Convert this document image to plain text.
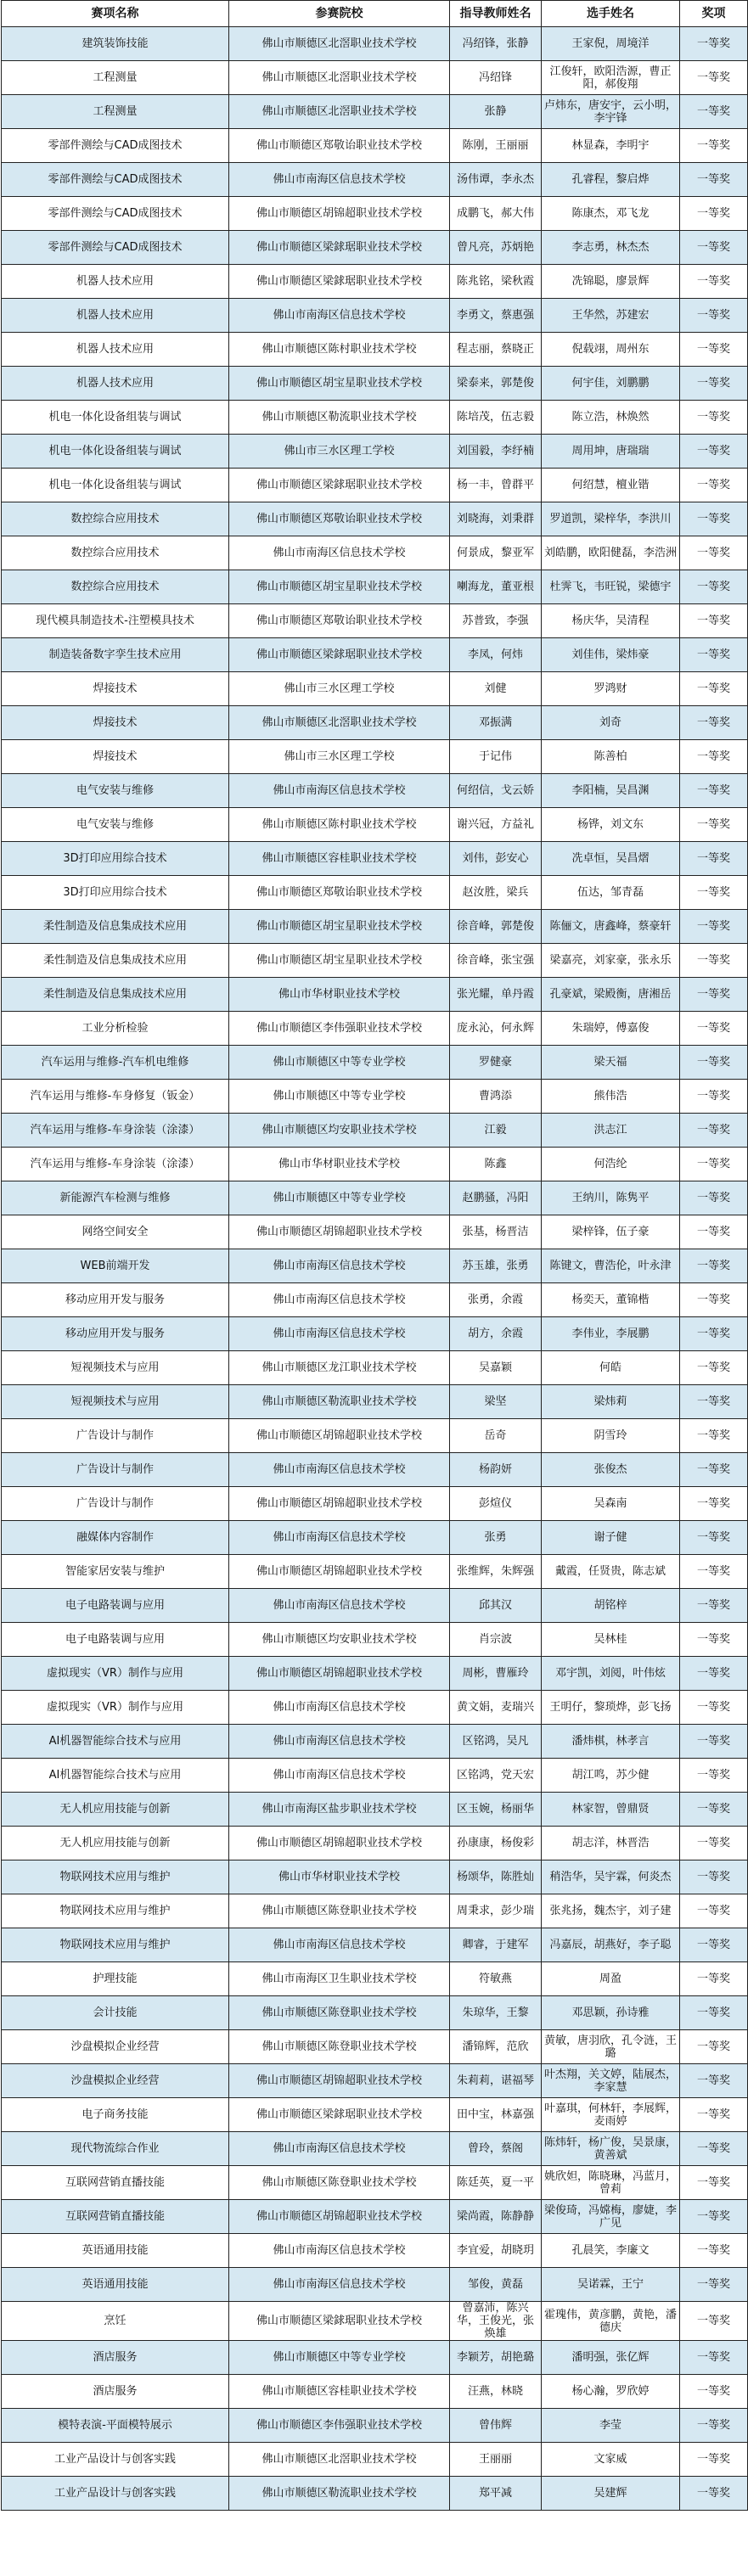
赛项名称	参赛院校	指导教师姓名	选手姓名	奖项
建筑装饰技能	佛山市顺德区北滘职业技术学校	冯绍锋，张静	王家倪，周境洋	一等奖
工程测量	佛山市顺德区北滘职业技术学校	冯绍锋	江俊轩，欧阳浩源，曹正阳，郝俊翔	一等奖
工程测量	佛山市顺德区北滘职业技术学校	张静	卢炜东，唐安宇，云小明，李宇锋	一等奖
零部件测绘与CAD成图技术	佛山市顺德区郑敬诒职业技术学校	陈刚，王丽丽	林显森，李明宇	一等奖
零部件测绘与CAD成图技术	佛山市南海区信息技术学校	汤伟谭，李永杰	孔睿程，黎启烨	一等奖
零部件测绘与CAD成图技术	佛山市顺德区胡锦超职业技术学校	成鹏飞，郝大伟	陈康杰，邓飞龙	一等奖
零部件测绘与CAD成图技术	佛山市顺德区梁銶琚职业技术学校	曾凡亮，苏炳艳	李志勇，林杰杰	一等奖
机器人技术应用	佛山市顺德区梁銶琚职业技术学校	陈兆铭，梁秋霞	冼锦聪，廖景辉	一等奖
机器人技术应用	佛山市南海区信息技术学校	李勇文，蔡惠强	王华然，苏建宏	一等奖
机器人技术应用	佛山市顺德区陈村职业技术学校	程志丽，蔡晓正	倪载翊，周州东	一等奖
机器人技术应用	佛山市顺德区胡宝星职业技术学校	梁泰来，郭楚俊	何宇佳，刘鹏鹏	一等奖
机电一体化设备组装与调试	佛山市顺德区勒流职业技术学校	陈培茂，伍志毅	陈立浩，林焕然	一等奖
机电一体化设备组装与调试	佛山市三水区理工学校	刘国毅，李纾楠	周用坤，唐瑞瑞	一等奖
机电一体化设备组装与调试	佛山市顺德区梁銶琚职业技术学校	杨一丰，曾群平	何绍慧，檀业锴	一等奖
数控综合应用技术	佛山市顺德区郑敬诒职业技术学校	刘晓海，刘秉群	罗道凯，梁梓华，李洪川	一等奖
数控综合应用技术	佛山市南海区信息技术学校	何景成，黎亚军	刘皓鹏，欧阳健磊，李浩洲	一等奖
数控综合应用技术	佛山市顺德区胡宝星职业技术学校	喇海龙，董亚根	杜霁飞，韦旺锐，梁德宇	一等奖
现代模具制造技术-注塑模具技术	佛山市顺德区郑敬诒职业技术学校	苏普致，李强	杨庆华，吴清程	一等奖
制造装备数字孪生技术应用	佛山市顺德区梁銶琚职业技术学校	李凤，何炜	刘佳伟，梁炜豪	一等奖
焊接技术	佛山市三水区理工学校	刘健	罗鸿财	一等奖
焊接技术	佛山市顺德区北滘职业技术学校	邓振满	刘奇	一等奖
焊接技术	佛山市三水区理工学校	于记伟	陈善柏	一等奖
电气安装与维修	佛山市南海区信息技术学校	何绍信，戈云娇	李阳楠，吴昌渊	一等奖
电气安装与维修	佛山市顺德区陈村职业技术学校	谢兴冠，方益礼	杨铧，刘文东	一等奖
3D打印应用综合技术	佛山市顺德区容桂职业技术学校	刘伟，彭安心	冼卓恒，吴昌熠	一等奖
3D打印应用综合技术	佛山市顺德区郑敬诒职业技术学校	赵汝胜，梁兵	伍达，邹青磊	一等奖
柔性制造及信息集成技术应用	佛山市顺德区胡宝星职业技术学校	徐音峰，郭楚俊	陈俪文，唐鑫峰，蔡豪轩	一等奖
柔性制造及信息集成技术应用	佛山市顺德区胡宝星职业技术学校	徐音峰，张宝强	梁嘉亮，刘家豪，张永乐	一等奖
柔性制造及信息集成技术应用	佛山市华材职业技术学校	张光耀，单丹霞	孔豪斌，梁殿衡，唐湘岳	一等奖
工业分析检验	佛山市顺德区李伟强职业技术学校	庞永沁，何永辉	朱瑞婷，傅嘉俊	一等奖
汽车运用与维修-汽车机电维修	佛山市顺德区中等专业学校	罗健豪	梁天福	一等奖
汽车运用与维修-车身修复（钣金）	佛山市顺德区中等专业学校	曹鸿添	熊伟浩	一等奖
汽车运用与维修-车身涂装（涂漆）	佛山市顺德区均安职业技术学校	江毅	洪志江	一等奖
汽车运用与维修-车身涂装（涂漆）	佛山市华材职业技术学校	陈鑫	何浩纶	一等奖
新能源汽车检测与维修	佛山市顺德区中等专业学校	赵鹏骚，冯阳	王纳川，陈隽平	一等奖
网络空间安全	佛山市顺德区胡锦超职业技术学校	张基，杨晋洁	梁梓锋，伍子豪	一等奖
WEB前端开发	佛山市南海区信息技术学校	苏玉雄，张勇	陈键文，曹浩伦，叶永津	一等奖
移动应用开发与服务	佛山市南海区信息技术学校	张勇，余霞	杨奕天，董锦楷	一等奖
移动应用开发与服务	佛山市南海区信息技术学校	胡方，余霞	李伟业，李展鹏	一等奖
短视频技术与应用	佛山市顺德区龙江职业技术学校	吴嘉颖	何皓	一等奖
短视频技术与应用	佛山市顺德区勒流职业技术学校	梁坚	梁炜莉	一等奖
广告设计与制作	佛山市顺德区胡锦超职业技术学校	岳奇	阴雪玲	一等奖
广告设计与制作	佛山市南海区信息技术学校	杨韵妍	张俊杰	一等奖
广告设计与制作	佛山市顺德区胡锦超职业技术学校	彭煊仪	吴森南	一等奖
融媒体内容制作	佛山市南海区信息技术学校	张勇	谢子健	一等奖
智能家居安装与维护	佛山市顺德区胡锦超职业技术学校	张维辉，朱辉强	戴霞，任贤贵，陈志斌	一等奖
电子电路装调与应用	佛山市南海区信息技术学校	邱其汉	胡铭梓	一等奖
电子电路装调与应用	佛山市顺德区均安职业技术学校	肖宗波	吴林桂	一等奖
虚拟现实（VR）制作与应用	佛山市顺德区胡锦超职业技术学校	周彬，曹雁玲	邓宇凯，刘阅，叶伟炫	一等奖
虚拟现实（VR）制作与应用	佛山市南海区信息技术学校	黄文娟，麦瑞兴	王明仔，黎琐烨，彭飞扬	一等奖
AI机器智能综合技术与应用	佛山市南海区信息技术学校	区铭鸿，吴凡	潘炜棋，林孝言	一等奖
AI机器智能综合技术与应用	佛山市南海区信息技术学校	区铭鸿，党天宏	胡江鸣，苏少健	一等奖
无人机应用技能与创新	佛山市南海区盐步职业技术学校	区玉婉，杨丽华	林家智，曾鼎贤	一等奖
无人机应用技能与创新	佛山市顺德区胡锦超职业技术学校	孙康康，杨俊彩	胡志洋，林晋浩	一等奖
物联网技术应用与维护	佛山市华材职业技术学校	杨颂华，陈胜灿	稍浩华，吴宇霖，何炎杰	一等奖
物联网技术应用与维护	佛山市顺德区陈登职业技术学校	周秉求，彭少瑞	张兆扬，魏杰宇，刘子建	一等奖
物联网技术应用与维护	佛山市南海区信息技术学校	卿睿，于建军	冯嘉辰，胡燕好，李子聪	一等奖
护理技能	佛山市南海区卫生职业技术学校	符敏燕	周盈	一等奖
会计技能	佛山市顺德区陈登职业技术学校	朱琼华，王黎	邓思颖，孙诗雅	一等奖
沙盘模拟企业经营	佛山市顺德区陈登职业技术学校	潘锦辉，范欣	黄敏，唐羽欣，孔令涟，王璐	一等奖
沙盘模拟企业经营	佛山市顺德区胡锦超职业技术学校	朱莉莉，谌福琴	叶杰翔，关文婷，陆展杰，李家慧	一等奖
电子商务技能	佛山市顺德区梁銶琚职业技术学校	田中宝，林嘉强	叶嘉琪，何林轩，李展辉，麦雨婷	一等奖
现代物流综合作业	佛山市南海区信息技术学校	曾玲，蔡阁	陈炜轩，杨广俊，吴景康，黄善斌	一等奖
互联网营销直播技能	佛山市顺德区陈登职业技术学校	陈廷英，夏一平	姚欣妲，陈晓琳，冯蓝月，曾莉	一等奖
互联网营销直播技能	佛山市顺德区胡锦超职业技术学校	梁尚霞，陈静静	梁俊琦，冯嫦梅，廖婕，李广见	一等奖
英语通用技能	佛山市南海区信息技术学校	李宜爱，胡晓玥	孔晨笑，李廉文	一等奖
英语通用技能	佛山市南海区信息技术学校	邹俊，黄磊	吴诺霖，王宁	一等奖
烹饪	佛山市顺德区梁銶琚职业技术学校	曾嘉沛，陈兴华，王俊光，张焕雄	霍瑰伟，黄彦鹏，黄艳，潘德庆	一等奖
酒店服务	佛山市顺德区中等专业学校	李颖芳，胡艳璐	潘明强，张亿辉	一等奖
酒店服务	佛山市顺德区容桂职业技术学校	汪燕，林晓	杨心瀚，罗欣婷	一等奖
模特表演-平面模特展示	佛山市顺德区李伟强职业技术学校	曾伟辉	李莹	一等奖
工业产品设计与创客实践	佛山市顺德区北滘职业技术学校	王丽丽	文家威	一等奖
工业产品设计与创客实践	佛山市顺德区勒流职业技术学校	郑平减	吴建辉	一等奖
